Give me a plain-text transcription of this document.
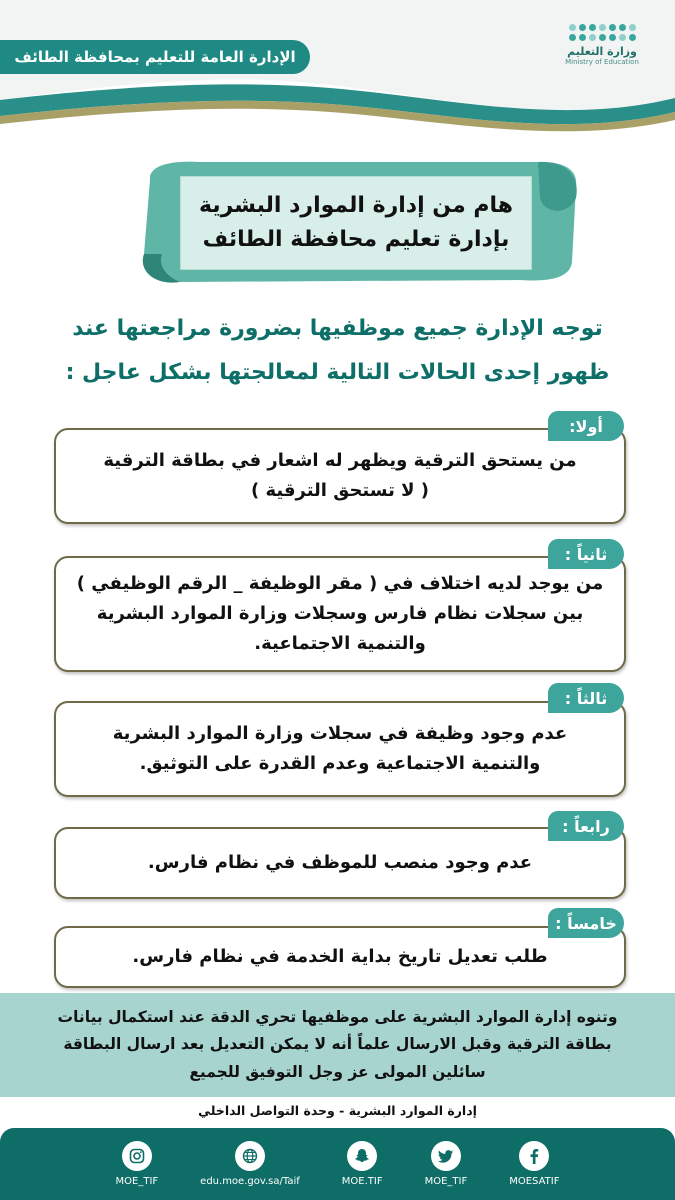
الإدارة العامة للتعليم بمحافظة الطائف	وزارة التعليم
Ministry of Education
هام من إدارة الموارد البشرية
بإدارة تعليم محافظة الطائف
توجه الإدارة جميع موظفيها بضرورة مراجعتها عند
ظهور إحدى الحالات التالية لمعالجتها بشكل عاجل :
أولا:

من يستحق الترقية ويظهر له اشعار في بطاقة الترقية

( لا تستحق الترقية )

ثانياً :

من يوجد لديه اختلاف في ( مقر الوظيفة _ الرقم الوظيفي )

بين سجلات نظام فارس وسجلات وزارة الموارد البشرية

والتنمية الاجتماعية.

ثالثاً :

عدم وجود وظيفة في سجلات وزارة الموارد البشرية

والتنمية الاجتماعية وعدم القدرة على التوثيق.

رابعاً :

عدم وجود منصب للموظف في نظام فارس.

خامساً :

طلب تعديل تاريخ بداية الخدمة في نظام فارس.

وتنوه إدارة الموارد البشرية على موظفيها تحري الدقة عند استكمال بيانات

بطاقة الترقية وقبل الارسال علماً أنه لا يمكن التعديل بعد ارسال البطاقة

سائلين المولى عز وجل التوفيق للجميع

إدارة الموارد البشرية - وحدة التواصل الداخلي
MOESATIF
MOE_TIF
MOE.TIF
edu.moe.gov.sa/Taif
MOE_TIF
